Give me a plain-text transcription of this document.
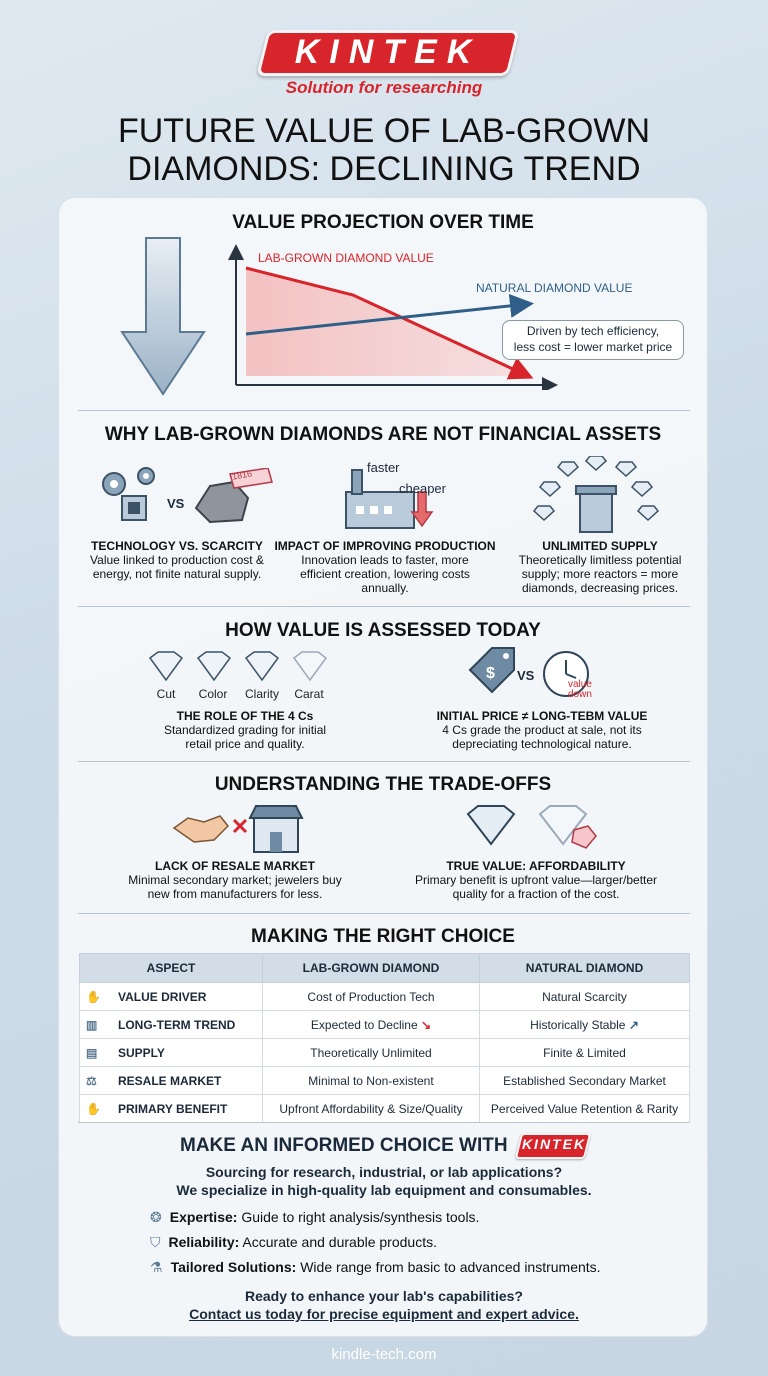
KINTEK
Solution for researching
FUTURE VALUE OF LAB-GROWN
DIAMONDS: DECLINING TREND
VALUE PROJECTION OVER TIME
LAB-GROWN DIAMOND VALUE
NATURAL DIAMOND VALUE
Driven by tech efficiency,
less cost = lower market price
WHY LAB-GROWN DIAMONDS ARE NOT FINANCIAL ASSETS
VS
1816	faster
cheaper
TECHNOLOGY VS. SCARCITY
Value linked to production cost &
energy, not finite natural supply.
IMPACT OF IMPROVING PRODUCTION
Innovation leads to faster, more
efficient creation, lowering costs
annually.
UNLIMITED SUPPLY
Theoretically limitless potential
supply; more reactors = more
diamonds, decreasing prices.
HOW VALUE IS ASSESSED TODAY
Cut	Color	Clarity	Carat
$ VS
value
down
THE ROLE OF THE 4 Cs
Standardized grading for initial
retail price and quality.
INITIAL PRICE ≠ LONG-TEBM VALUE
4 Cs grade the product at sale, not its
depreciating technological nature.
UNDERSTANDING THE TRADE-OFFS
LACK OF RESALE MARKET
Minimal secondary market; jewelers buy
new from manufacturers for less.
TRUE VALUE: AFFORDABILITY
Primary benefit is upfront value—larger/better
quality for a fraction of the cost.
MAKING THE RIGHT CHOICE
ASPECT	LAB-GROWN DIAMOND	NATURAL DIAMOND
✋ VALUE DRIVER	Cost of Production Tech	Natural Scarcity
▥ LONG-TERM TREND	Expected to Decline ↘	Historically Stable ↗
▤ SUPPLY	Theoretically Unlimited	Finite & Limited
⚖ RESALE MARKET	Minimal to Non-existent	Established Secondary Market
✋ PRIMARY BENEFIT	Upfront Affordability & Size/Quality	Perceived Value Retention & Rarity
MAKE AN INFORMED CHOICE WITH KINTEK
Sourcing for research, industrial, or lab applications?
We specialize in high-quality lab equipment and consumables.
❂ Expertise: Guide to right analysis/synthesis tools.
⛉ Reliability: Accurate and durable products.
⚗ Tailored Solutions: Wide range from basic to advanced instruments.
Ready to enhance your lab's capabilities?
Contact us today for precise equipment and expert advice.
kindle-tech.com
